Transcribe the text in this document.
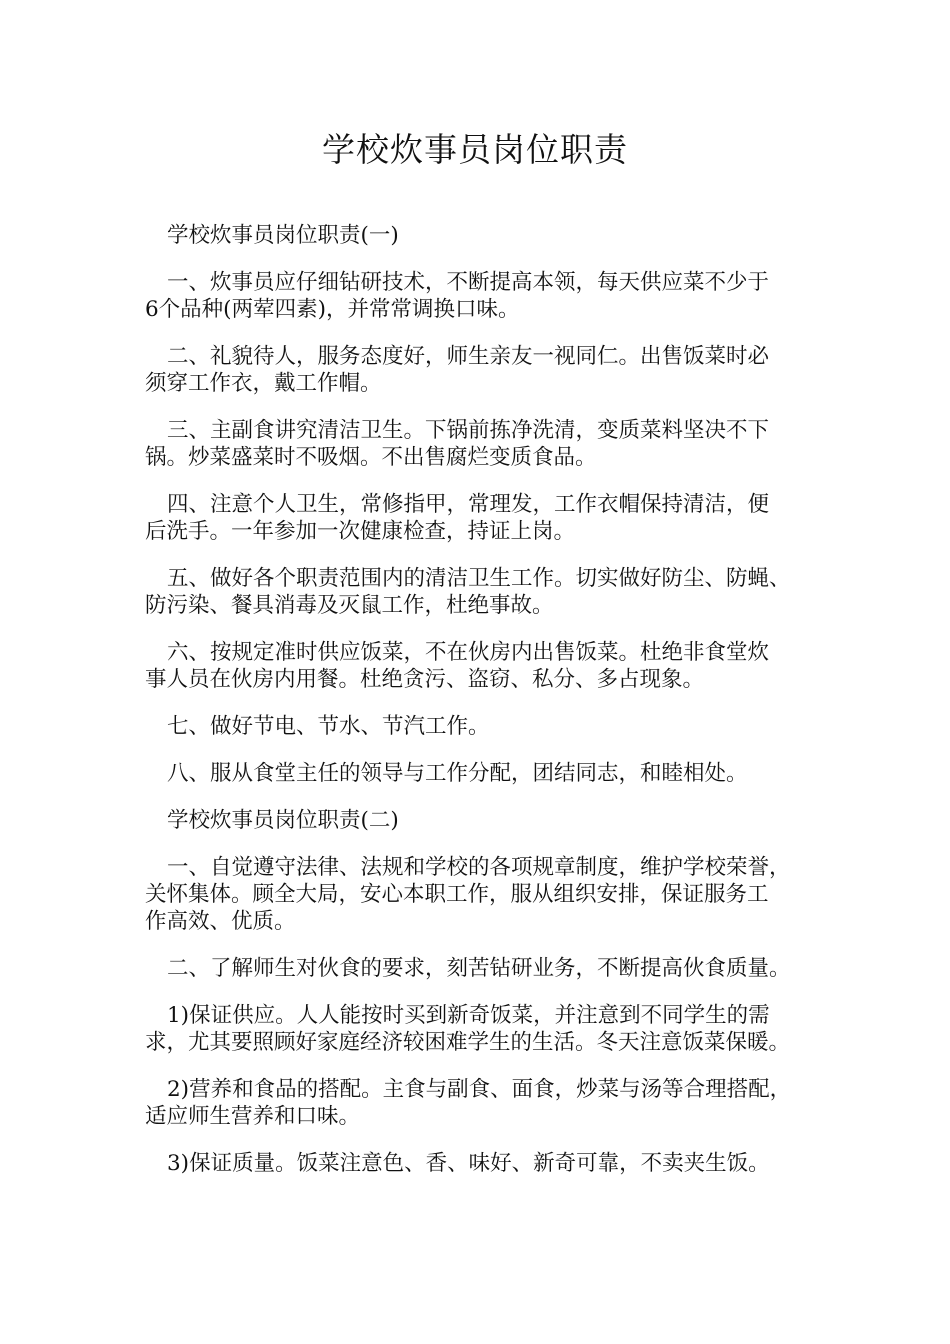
学校炊事员岗位职责

学校炊事员岗位职责(一)

一、炊事员应仔细钻研技术，不断提高本领，每天供应菜不少于
6个品种(两荤四素)，并常常调换口味。

二、礼貌待人，服务态度好，师生亲友一视同仁。出售饭菜时必
须穿工作衣，戴工作帽。

三、主副食讲究清洁卫生。下锅前拣净洗清，变质菜料坚决不下
锅。炒菜盛菜时不吸烟。不出售腐烂变质食品。

四、注意个人卫生，常修指甲，常理发，工作衣帽保持清洁，便
后洗手。一年参加一次健康检查，持证上岗。

五、做好各个职责范围内的清洁卫生工作。切实做好防尘、防蝇、
防污染、餐具消毒及灭鼠工作，杜绝事故。

六、按规定准时供应饭菜，不在伙房内出售饭菜。杜绝非食堂炊
事人员在伙房内用餐。杜绝贪污、盗窃、私分、多占现象。

七、做好节电、节水、节汽工作。

八、服从食堂主任的领导与工作分配，团结同志，和睦相处。

学校炊事员岗位职责(二)

一、自觉遵守法律、法规和学校的各项规章制度，维护学校荣誉，
关怀集体。顾全大局，安心本职工作，服从组织安排，保证服务工
作高效、优质。

二、了解师生对伙食的要求，刻苦钻研业务，不断提高伙食质量。

1)保证供应。人人能按时买到新奇饭菜，并注意到不同学生的需
求，尤其要照顾好家庭经济较困难学生的生活。冬天注意饭菜保暖。

2)营养和食品的搭配。主食与副食、面食，炒菜与汤等合理搭配，
适应师生营养和口味。

3)保证质量。饭菜注意色、香、味好、新奇可靠，不卖夹生饭。
